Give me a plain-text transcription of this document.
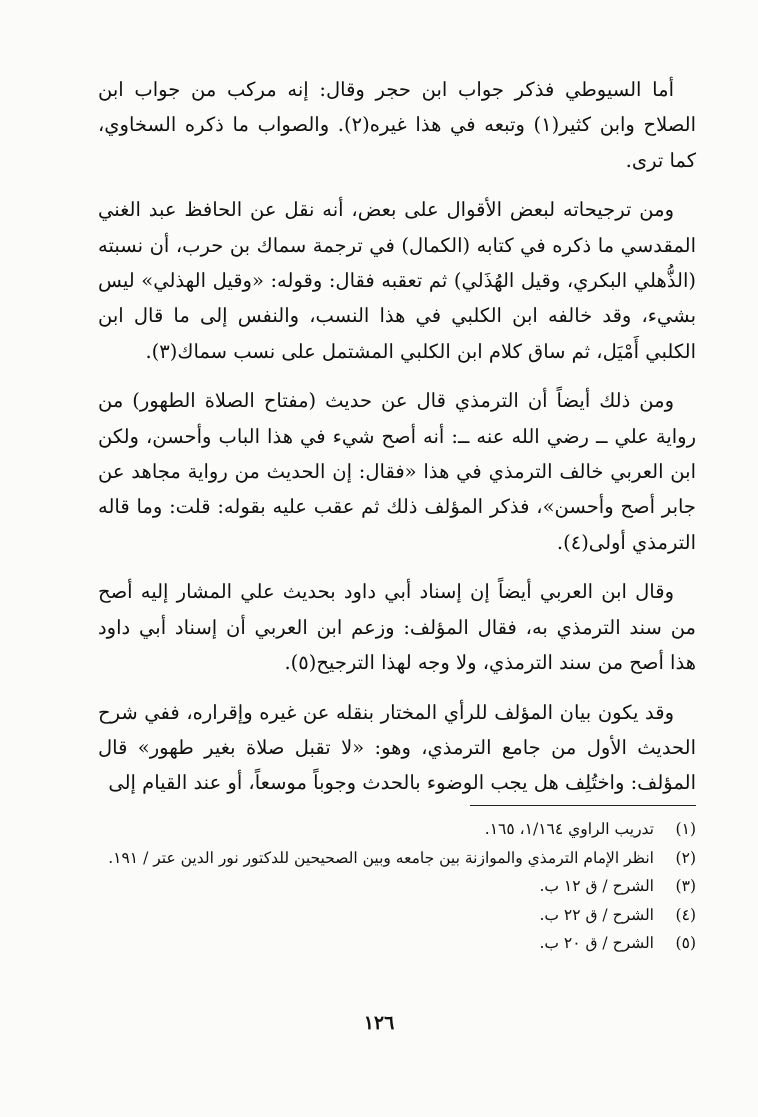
أما السيوطي فذكر جواب ابن حجر وقال: إنه مركب من جواب ابن الصلاح وابن كثير(١) وتبعه في هذا غيره(٢). والصواب ما ذكره السخاوي، كما ترى.

ومن ترجيحاته لبعض الأقوال على بعض، أنه نقل عن الحافظ عبد الغني المقدسي ما ذكره في كتابه (الكمال) في ترجمة سماك بن حرب، أن نسبته (الذُّهلي البكري، وقيل الهُذَلي) ثم تعقبه فقال: وقوله: «وقيل الهذلي» ليس بشيء، وقد خالفه ابن الكلبي في هذا النسب، والنفس إلى ما قال ابن الكلبي أَمْيَل، ثم ساق كلام ابن الكلبي المشتمل على نسب سماك(٣).

ومن ذلك أيضاً أن الترمذي قال عن حديث (مفتاح الصلاة الطهور) من رواية علي ــ رضي الله عنه ــ: أنه أصح شيء في هذا الباب وأحسن، ولكن ابن العربي خالف الترمذي في هذا «فقال: إن الحديث من رواية مجاهد عن جابر أصح وأحسن»، فذكر المؤلف ذلك ثم عقب عليه بقوله: قلت: وما قاله الترمذي أولى(٤).

وقال ابن العربي أيضاً إن إسناد أبي داود بحديث علي المشار إليه أصح من سند الترمذي به، فقال المؤلف: وزعم ابن العربي أن إسناد أبي داود هذا أصح من سند الترمذي، ولا وجه لهذا الترجيح(٥).

وقد يكون بيان المؤلف للرأي المختار بنقله عن غيره وإقراره، ففي شرح الحديث الأول من جامع الترمذي، وهو: «لا تقبل صلاة بغير طهور» قال المؤلف: واختُلِف هل يجب الوضوء بالحدث وجوباً موسعاً، أو عند القيام إلى

(١)
تدريب الراوي ١/١٦٤، ١٦٥.

(٢)
انظر الإمام الترمذي والموازنة بين جامعه وبين الصحيحين للدكتور نور الدين عتر / ١٩١.

(٣)
الشرح / ق ١٢ ب.

(٤)
الشرح / ق ٢٢ ب.

(٥)
الشرح / ق ٢٠ ب.

١٢٦
